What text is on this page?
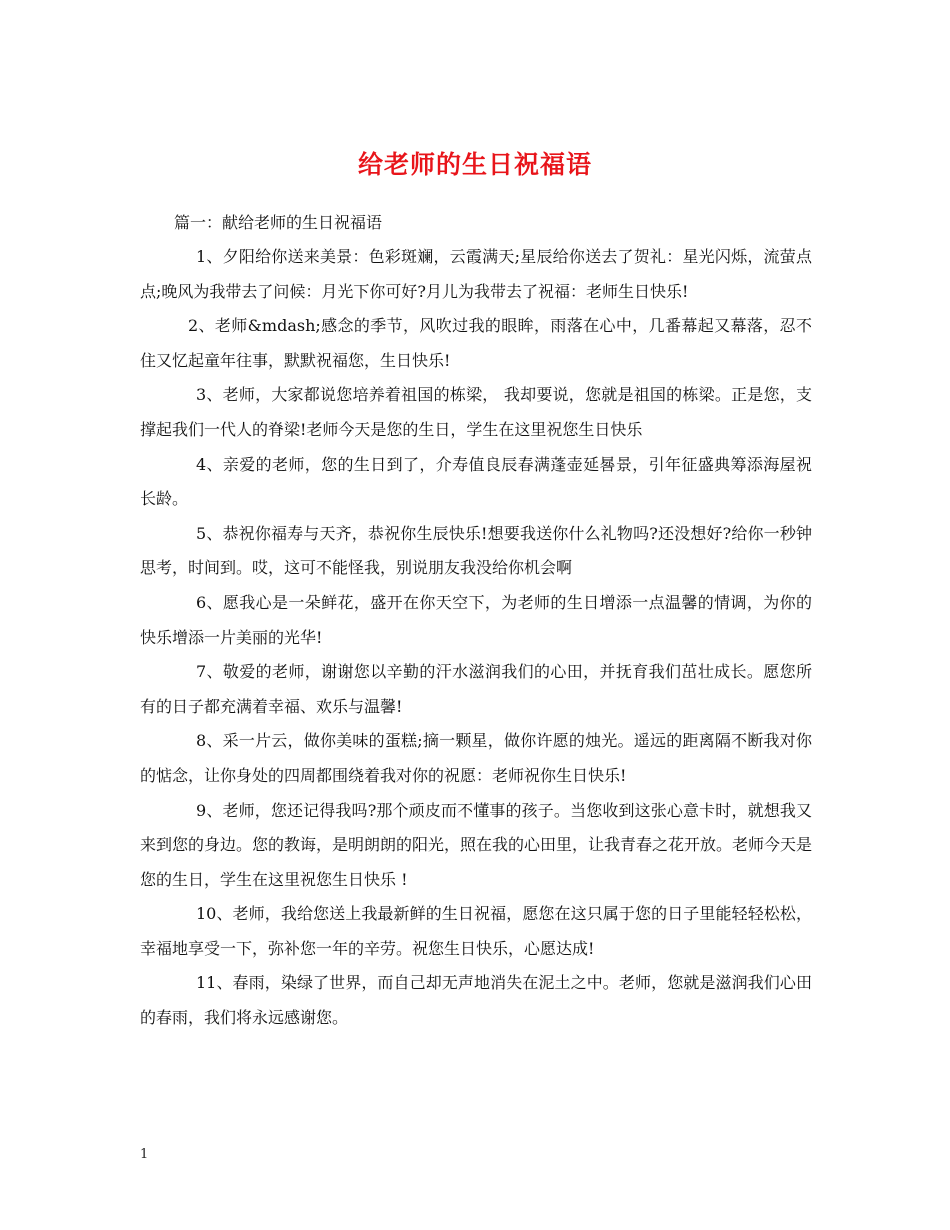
给老师的生日祝福语

篇一：献给老师的生日祝福语

1、夕阳给你送来美景：色彩斑斓，云霞满天;星辰给你送去了贺礼：星光闪烁，流萤点点;晚风为我带去了问候：月光下你可好?月儿为我带去了祝福：老师生日快乐!

2、老师&mdash;感念的季节，风吹过我的眼眸，雨落在心中，几番幕起又幕落，忍不住又忆起童年往事，默默祝福您，生日快乐!

3、老师，大家都说您培养着祖国的栋梁， 我却要说，您就是祖国的栋梁。正是您，支撑起我们一代人的脊梁!老师今天是您的生日，学生在这里祝您生日快乐

4、亲爱的老师，您的生日到了，介寿值良辰春满蓬壶延晷景，引年征盛典筹添海屋祝长龄。

5、恭祝你福寿与天齐，恭祝你生辰快乐!想要我送你什么礼物吗?还没想好?给你一秒钟思考，时间到。哎，这可不能怪我，别说朋友我没给你机会啊

6、愿我心是一朵鲜花，盛开在你天空下，为老师的生日增添一点温馨的情调，为你的快乐增添一片美丽的光华!

7、敬爱的老师，谢谢您以辛勤的汗水滋润我们的心田，并抚育我们茁壮成长。愿您所有的日子都充满着幸福、欢乐与温馨!

8、采一片云，做你美味的蛋糕;摘一颗星，做你许愿的烛光。遥远的距离隔不断我对你的惦念，让你身处的四周都围绕着我对你的祝愿：老师祝你生日快乐!

9、老师，您还记得我吗?那个顽皮而不懂事的孩子。当您收到这张心意卡时，就想我又来到您的身边。您的教诲，是明朗朗的阳光，照在我的心田里，让我青春之花开放。老师今天是您的生日，学生在这里祝您生日快乐 !

10、老师，我给您送上我最新鲜的生日祝福，愿您在这只属于您的日子里能轻轻松松，幸福地享受一下，弥补您一年的辛劳。祝您生日快乐，心愿达成!

11、春雨，染绿了世界，而自己却无声地消失在泥土之中。老师，您就是滋润我们心田的春雨，我们将永远感谢您。

1
